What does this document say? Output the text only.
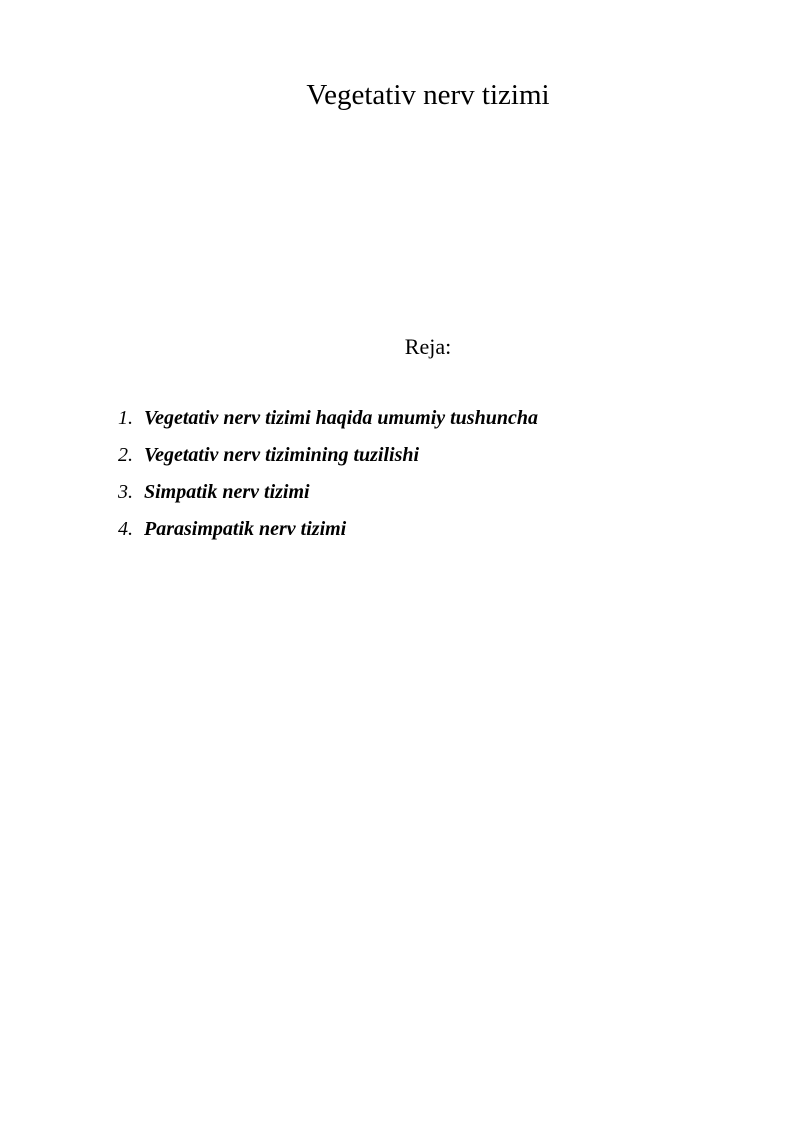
Vegetativ nerv tizimi
Reja:
1. Vegetativ nerv tizimi haqida umumiy tushuncha
2. Vegetativ nerv tizimining tuzilishi
3. Simpatik nerv tizimi
4. Parasimpatik nerv tizimi
